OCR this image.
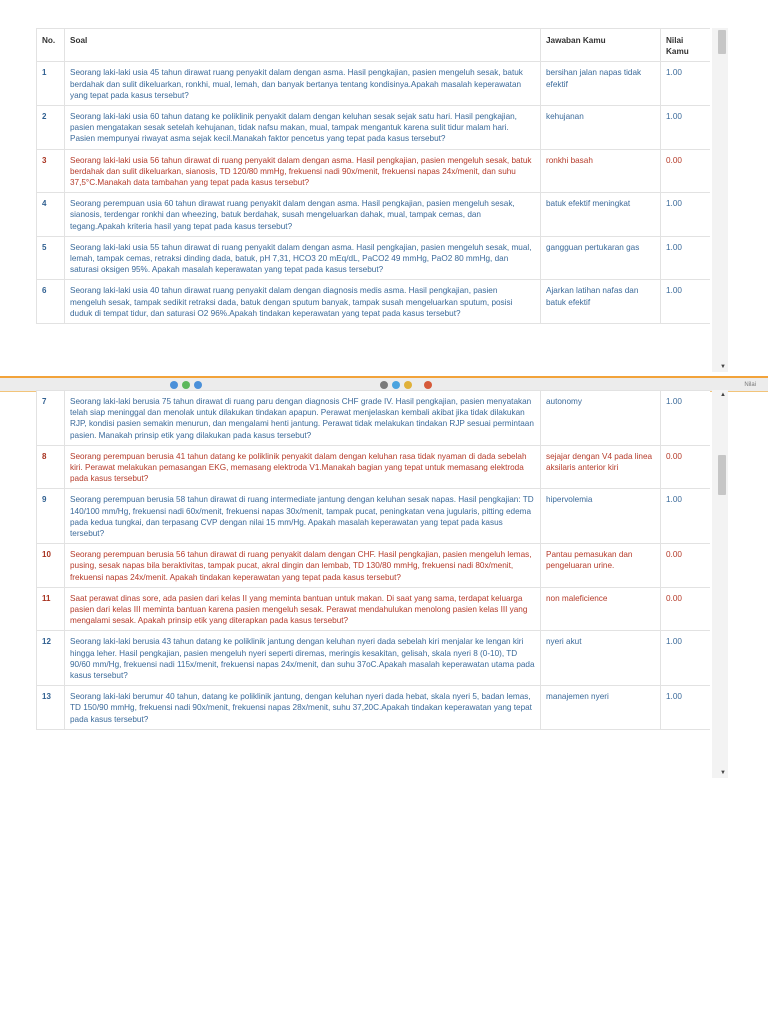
No.	Soal	Jawaban Kamu	Nilai Kamu
1	Seorang laki-laki usia 45 tahun dirawat ruang penyakit dalam dengan asma. Hasil pengkajian, pasien mengeluh sesak, batuk berdahak dan sulit dikeluarkan, ronkhi, mual, lemah, dan banyak bertanya tentang kondisinya.Apakah masalah keperawatan yang tepat pada kasus tersebut?	bersihan jalan napas tidak efektif	1.00
2	Seorang laki-laki usia 60 tahun datang ke poliklinik penyakit dalam dengan keluhan sesak sejak satu hari. Hasil pengkajian, pasien mengatakan sesak setelah kehujanan, tidak nafsu makan, mual, tampak mengantuk karena sulit tidur malam hari. Pasien mempunyai riwayat asma sejak kecil.Manakah faktor pencetus yang tepat pada kasus tersebut?	kehujanan	1.00
3	Seorang laki-laki usia 56 tahun dirawat di ruang penyakit dalam dengan asma. Hasil pengkajian, pasien mengeluh sesak, batuk berdahak dan sulit dikeluarkan, sianosis, TD 120/80 mmHg, frekuensi nadi 90x/menit, frekuensi napas 24x/menit, dan suhu 37,5°C.Manakah data tambahan yang tepat pada kasus tersebut?	ronkhi basah	0.00
4	Seorang perempuan usia 60 tahun dirawat ruang penyakit dalam dengan asma. Hasil pengkajian, pasien mengeluh sesak, sianosis, terdengar ronkhi dan wheezing, batuk berdahak, susah mengeluarkan dahak, mual, tampak cemas, dan tegang.Apakah kriteria hasil yang tepat pada kasus tersebut?	batuk efektif meningkat	1.00
5	Seorang laki-laki usia 55 tahun dirawat di ruang penyakit dalam dengan asma. Hasil pengkajian, pasien mengeluh sesak, mual, lemah, tampak cemas, retraksi dinding dada, batuk, pH 7,31, HCO3 20 mEq/dL, PaCO2 49 mmHg, PaO2 80 mmHg, dan saturasi oksigen 95%. Apakah masalah keperawatan yang tepat pada kasus tersebut?	gangguan pertukaran gas	1.00
6	Seorang laki-laki usia 40 tahun dirawat ruang penyakit dalam dengan diagnosis medis asma. Hasil pengkajian, pasien mengeluh sesak, tampak sedikit retraksi dada, batuk dengan sputum banyak, tampak susah mengeluarkan sputum, posisi duduk di tempat tidur, dan saturasi O2 96%.Apakah tindakan keperawatan yang tepat pada kasus tersebut?	Ajarkan latihan nafas dan batuk efektif	1.00
▼
Nilai
7	Seorang laki-laki berusia 75 tahun dirawat di ruang paru dengan diagnosis CHF grade IV. Hasil pengkajian, pasien menyatakan telah siap meninggal dan menolak untuk dilakukan tindakan apapun. Perawat menjelaskan kembali akibat jika tidak dilakukan RJP, kondisi pasien semakin menurun, dan mengalami henti jantung. Perawat tidak melakukan tindakan RJP sesuai permintaan pasien. Manakah prinsip etik yang dilakukan pada kasus tersebut?	autonomy	1.00
8	Seorang perempuan berusia 41 tahun datang ke poliklinik penyakit dalam dengan keluhan rasa tidak nyaman di dada sebelah kiri. Perawat melakukan pemasangan EKG, memasang elektroda V1.Manakah bagian yang tepat untuk memasang elektroda pada kasus tersebut?	sejajar dengan V4 pada linea aksilaris anterior kiri	0.00
9	Seorang perempuan berusia 58 tahun dirawat di ruang intermediate jantung dengan keluhan sesak napas. Hasil pengkajian: TD 140/100 mm/Hg, frekuensi nadi 60x/menit, frekuensi napas 30x/menit, tampak pucat, peningkatan vena jugularis, pitting edema pada kedua tungkai, dan terpasang CVP dengan nilai 15 mm/Hg. Apakah masalah keperawatan yang tepat pada kasus tersebut?	hipervolemia	1.00
10	Seorang perempuan berusia 56 tahun dirawat di ruang penyakit dalam dengan CHF. Hasil pengkajian, pasien mengeluh lemas, pusing, sesak napas bila beraktivitas, tampak pucat, akral dingin dan lembab, TD 130/80 mmHg, frekuensi nadi 80x/menit, frekuensi napas 24x/menit. Apakah tindakan keperawatan yang tepat pada kasus tersebut?	Pantau pemasukan dan pengeluaran urine.	0.00
11	Saat perawat dinas sore, ada pasien dari kelas II yang meminta bantuan untuk makan. Di saat yang sama, terdapat keluarga pasien dari kelas III meminta bantuan karena pasien mengeluh sesak. Perawat mendahulukan menolong pasien kelas III yang mengalami sesak. Apakah prinsip etik yang diterapkan pada kasus tersebut?	non maleficience	0.00
12	Seorang laki-laki berusia 43 tahun datang ke poliklinik jantung dengan keluhan nyeri dada sebelah kiri menjalar ke lengan kiri hingga leher. Hasil pengkajian, pasien mengeluh nyeri seperti diremas, meringis kesakitan, gelisah, skala nyeri 8 (0-10), TD 90/60 mm/Hg, frekuensi nadi 115x/menit, frekuensi napas 24x/menit, dan suhu 37oC.Apakah masalah keperawatan utama pada kasus tersebut?	nyeri akut	1.00
13	Seorang laki-laki berumur 40 tahun, datang ke poliklinik jantung, dengan keluhan nyeri dada hebat, skala nyeri 5, badan lemas, TD 150/90 mmHg, frekuensi nadi 90x/menit, frekuensi napas 28x/menit, suhu 37,20C.Apakah tindakan keperawatan yang tepat pada kasus tersebut?	manajemen nyeri	1.00
▲
▼
